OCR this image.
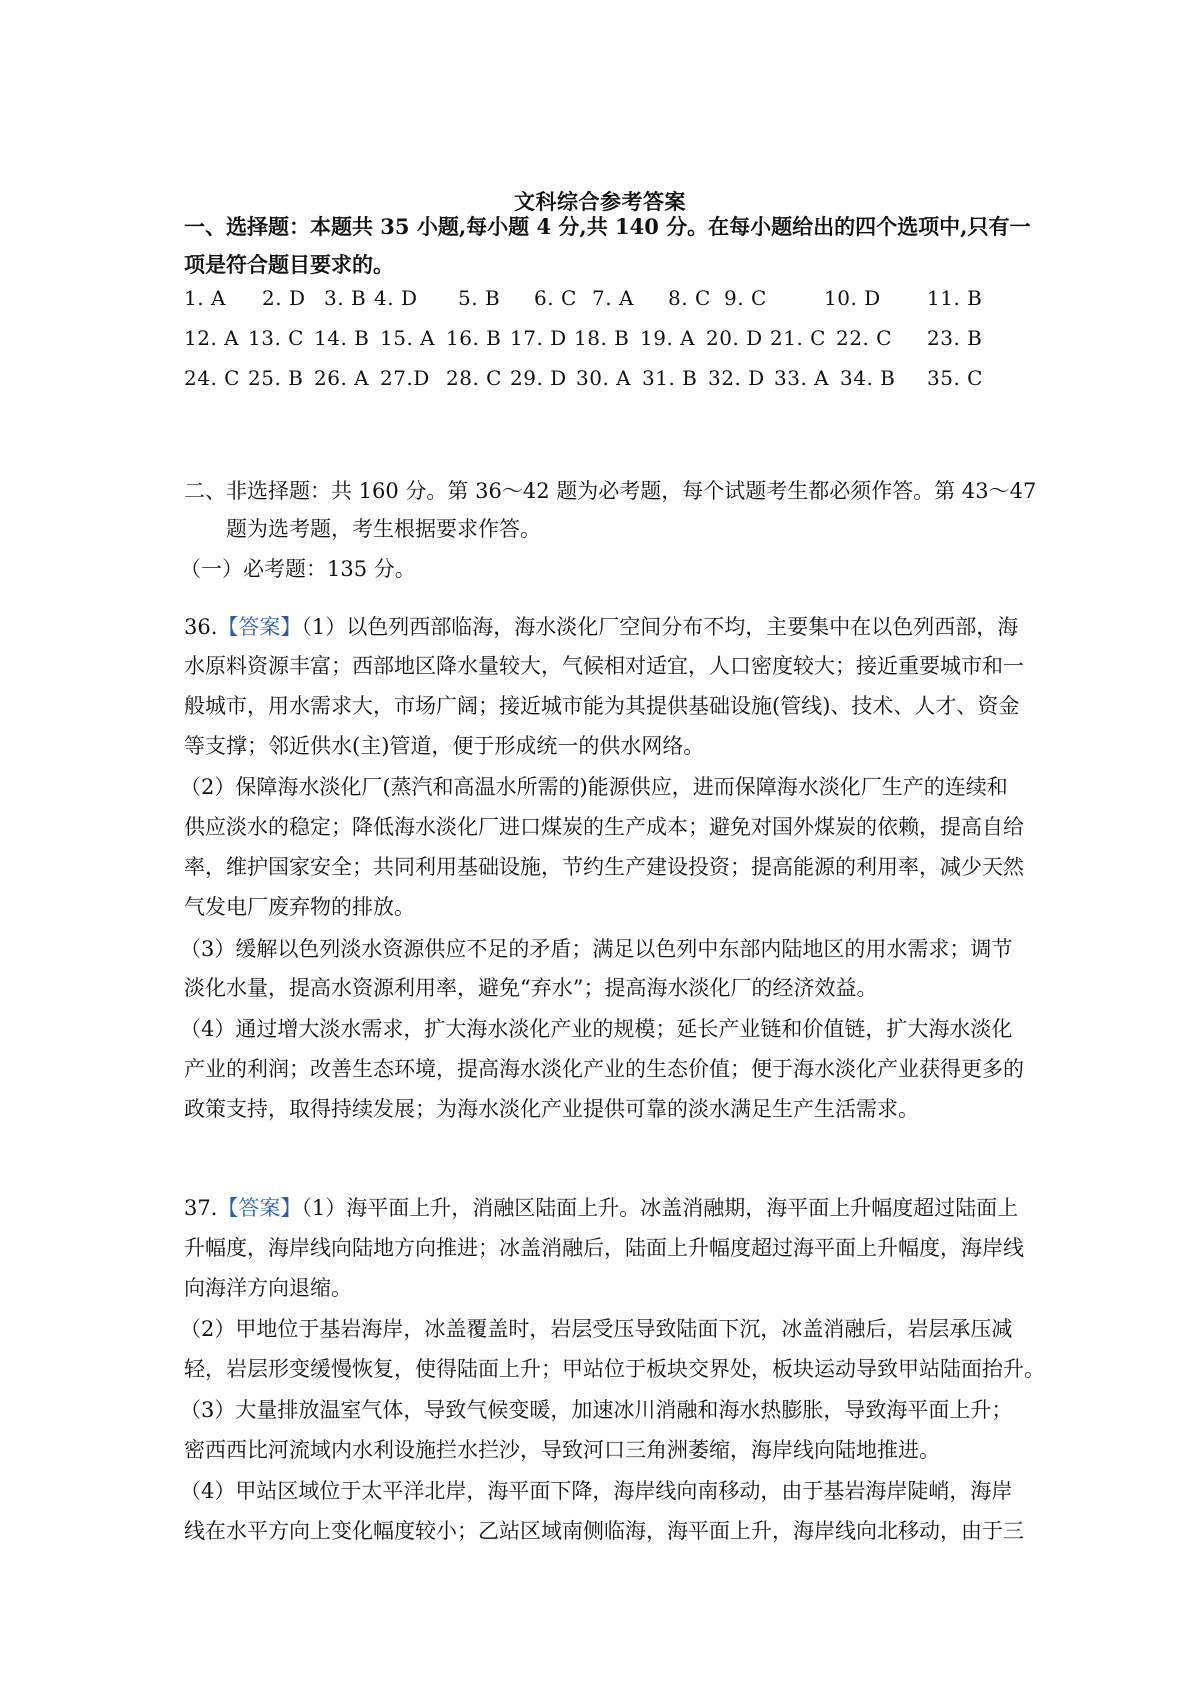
文科综合参考答案
一、选择题：本题共 35 小题,每小题 4 分,共 140 分。在每小题给出的四个选项中,只有一
项是符合题目要求的。
1. A 2. D 3. B 4. D 5. B 6. C 7. A 8. C 9. C	10. D 11. B
12. A 13. C 14. B 15. A 16. B 17. D 18. B 19. A 20. D 21. C 22. C 23. B
24. C 25. B 26. A 27.D 28. C 29. D 30. A 31. B 32. D 33. A 34. B 35. C
二、非选择题：共 160 分。第 36～42 题为必考题，每个试题考生都必须作答。第 43～47
题为选考题，考生根据要求作答。
（一）必考题：135 分。
36.【答案】（1）以色列西部临海，海水淡化厂空间分布不均，主要集中在以色列西部，海
水原料资源丰富；西部地区降水量较大，气候相对适宜，人口密度较大；接近重要城市和一
般城市，用水需求大，市场广阔；接近城市能为其提供基础设施(管线)、技术、人才、资金
等支撑；邻近供水(主)管道，便于形成统一的供水网络。
（2）保障海水淡化厂(蒸汽和高温水所需的)能源供应，进而保障海水淡化厂生产的连续和
供应淡水的稳定；降低海水淡化厂进口煤炭的生产成本；避免对国外煤炭的依赖，提高自给
率，维护国家安全；共同利用基础设施，节约生产建设投资；提高能源的利用率，减少天然
气发电厂废弃物的排放。
（3）缓解以色列淡水资源供应不足的矛盾；满足以色列中东部内陆地区的用水需求；调节
淡化水量，提高水资源利用率，避免“弃水”；提高海水淡化厂的经济效益。
（4）通过增大淡水需求，扩大海水淡化产业的规模；延长产业链和价值链，扩大海水淡化
产业的利润；改善生态环境，提高海水淡化产业的生态价值；便于海水淡化产业获得更多的
政策支持，取得持续发展；为海水淡化产业提供可靠的淡水满足生产生活需求。
37.【答案】（1）海平面上升，消融区陆面上升。冰盖消融期，海平面上升幅度超过陆面上
升幅度，海岸线向陆地方向推进；冰盖消融后，陆面上升幅度超过海平面上升幅度，海岸线
向海洋方向退缩。
（2）甲地位于基岩海岸，冰盖覆盖时，岩层受压导致陆面下沉，冰盖消融后，岩层承压减
轻，岩层形变缓慢恢复，使得陆面上升；甲站位于板块交界处，板块运动导致甲站陆面抬升。
（3）大量排放温室气体，导致气候变暖，加速冰川消融和海水热膨胀，导致海平面上升；
密西西比河流域内水利设施拦水拦沙，导致河口三角洲萎缩，海岸线向陆地推进。
（4）甲站区域位于太平洋北岸，海平面下降，海岸线向南移动，由于基岩海岸陡峭，海岸
线在水平方向上变化幅度较小；乙站区域南侧临海，海平面上升，海岸线向北移动，由于三
